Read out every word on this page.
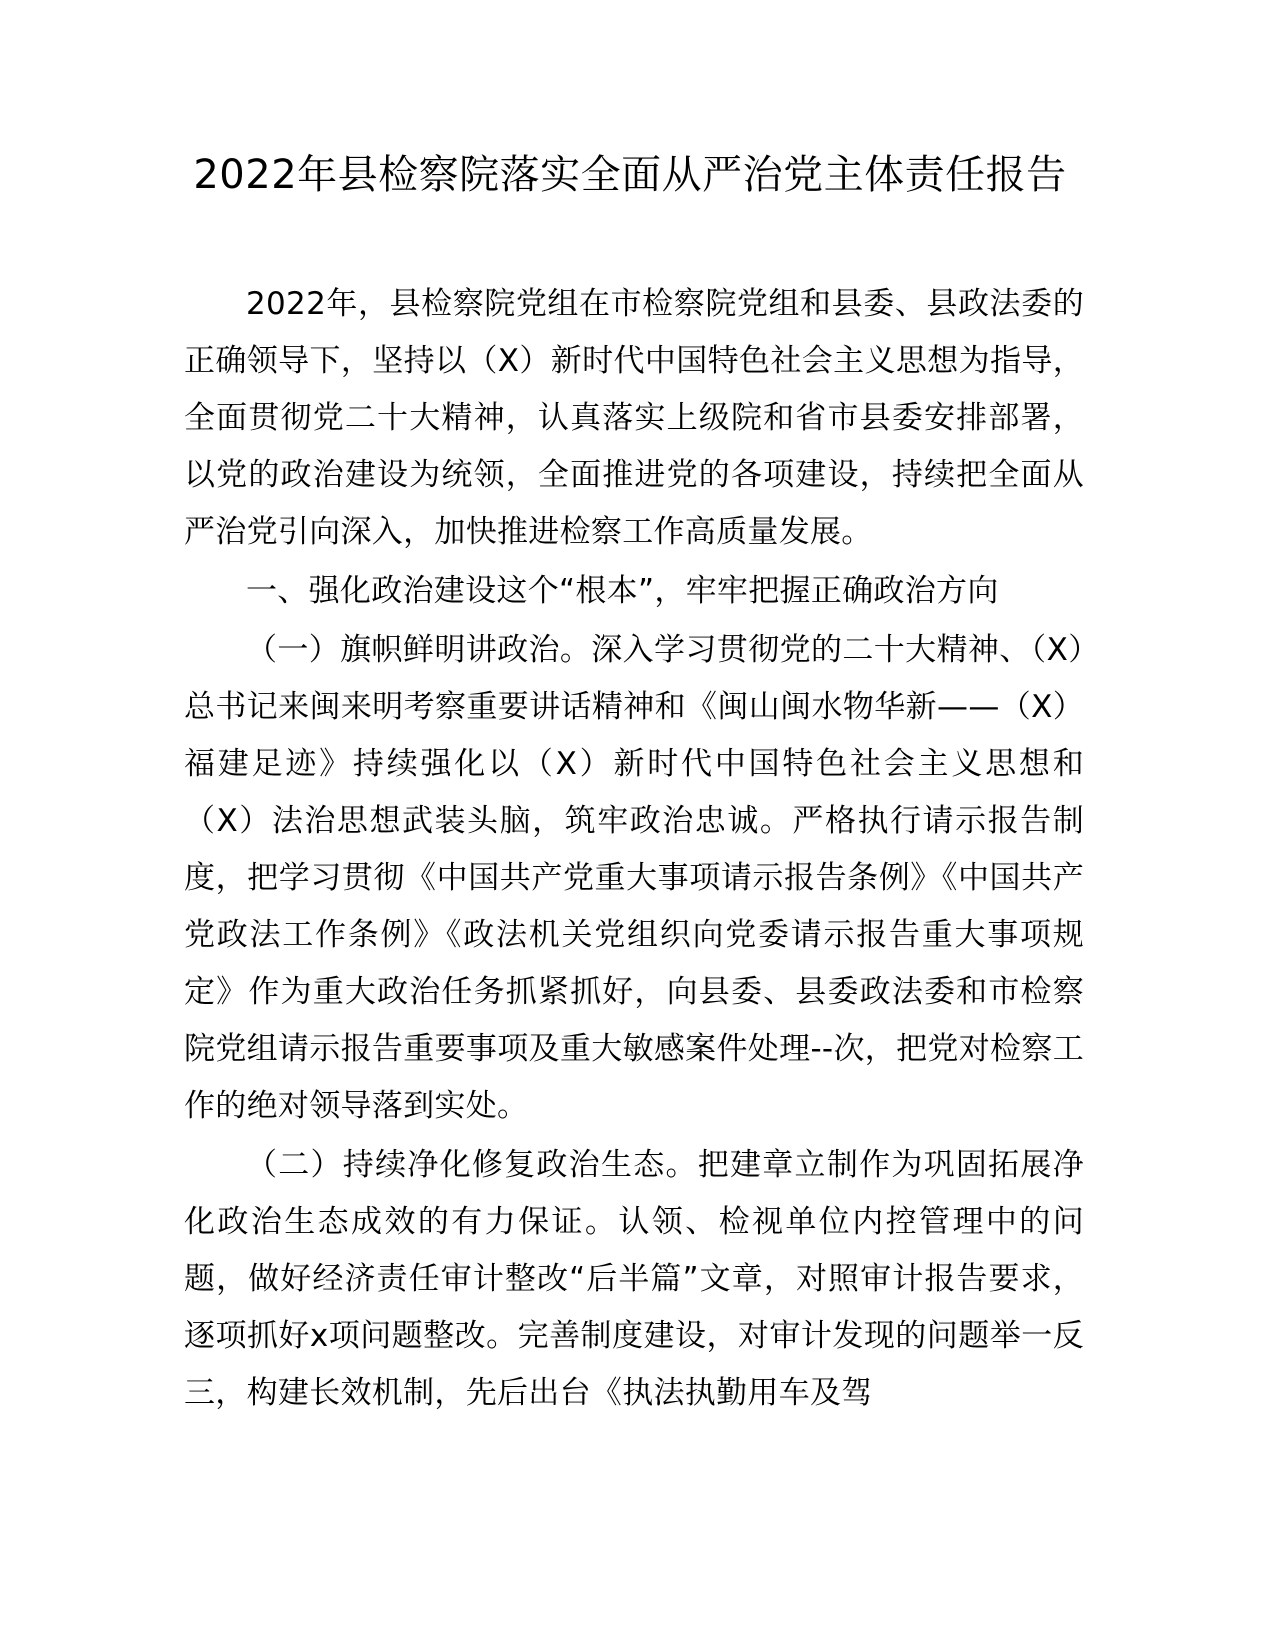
2022年县检察院落实全面从严治党主体责任报告

2022年，县检察院党组在市检察院党组和县委、县政法委的正确领导下，坚持以（X）新时代中国特色社会主义思想为指导，全面贯彻党二十大精神，认真落实上级院和省市县委安排部署，以党的政治建设为统领，全面推进党的各项建设，持续把全面从严治党引向深入，加快推进检察工作高质量发展。

一、强化政治建设这个“根本”，牢牢把握正确政治方向

（一）旗帜鲜明讲政治。深入学习贯彻党的二十大精神、（X）总书记来闽来明考察重要讲话精神和《闽山闽水物华新——（X）福建足迹》持续强化以（X）新时代中国特色社会主义思想和（X）法治思想武装头脑，筑牢政治忠诚。严格执行请示报告制度，把学习贯彻《中国共产党重大事项请示报告条例》《中国共产党政法工作条例》《政法机关党组织向党委请示报告重大事项规定》作为重大政治任务抓紧抓好，向县委、县委政法委和市检察院党组请示报告重要事项及重大敏感案件处理--次，把党对检察工作的绝对领导落到实处。

（二）持续净化修复政治生态。把建章立制作为巩固拓展净化政治生态成效的有力保证。认领、检视单位内控管理中的问题，做好经济责任审计整改“后半篇”文章，对照审计报告要求，逐项抓好x项问题整改。完善制度建设，对审计发现的问题举一反三，构建长效机制，先后出台《执法执勤用车及驾
